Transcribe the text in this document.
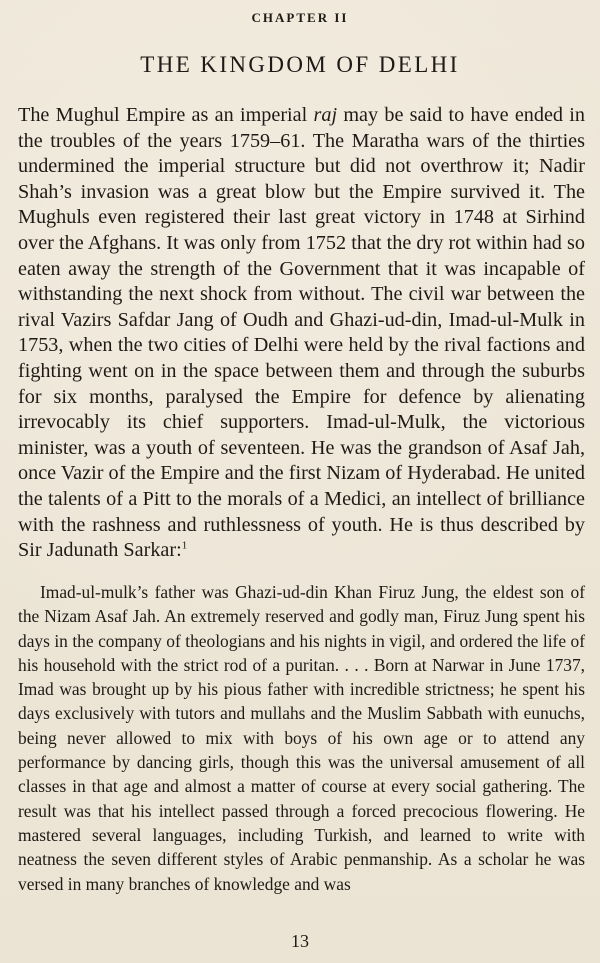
CHAPTER II
THE KINGDOM OF DELHI

The Mughul Empire as an imperial raj may be said to have ended in the troubles of the years 1759–61. The Maratha wars of the thirties undermined the imperial structure but did not overthrow it; Nadir Shah’s invasion was a great blow but the Empire survived it. The Mughuls even registered their last great victory in 1748 at Sirhind over the Afghans. It was only from 1752 that the dry rot within had so eaten away the strength of the Government that it was incapable of withstanding the next shock from without. The civil war between the rival Vazirs Safdar Jang of Oudh and Ghazi-ud-din, Imad-ul-Mulk in 1753, when the two cities of Delhi were held by the rival factions and fighting went on in the space between them and through the suburbs for six months, paralysed the Empire for defence by alienating irrevocably its chief supporters. Imad-ul-Mulk, the victorious minister, was a youth of seventeen. He was the grandson of Asaf Jah, once Vazir of the Empire and the first Nizam of Hyderabad. He united the talents of a Pitt to the morals of a Medici, an intellect of brilliance with the rashness and ruthlessness of youth. He is thus described by Sir Jadunath Sarkar:$^1$

Imad-ul-mulk’s father was Ghazi-ud-din Khan Firuz Jung, the eldest son of the Nizam Asaf Jah. An extremely reserved and godly man, Firuz Jung spent his days in the company of theologians and his nights in vigil, and ordered the life of his household with the strict rod of a puritan. . . . Born at Narwar in June 1737, Imad was brought up by his pious father with incredible strictness; he spent his days exclusively with tutors and mullahs and the Muslim Sabbath with eunuchs, being never allowed to mix with boys of his own age or to attend any performance by dancing girls, though this was the universal amusement of all classes in that age and almost a matter of course at every social gathering. The result was that his intellect passed through a forced precocious flowering. He mastered several languages, including Turkish, and learned to write with neatness the seven different styles of Arabic penmanship. As a scholar he was versed in many branches of knowledge and was

13
